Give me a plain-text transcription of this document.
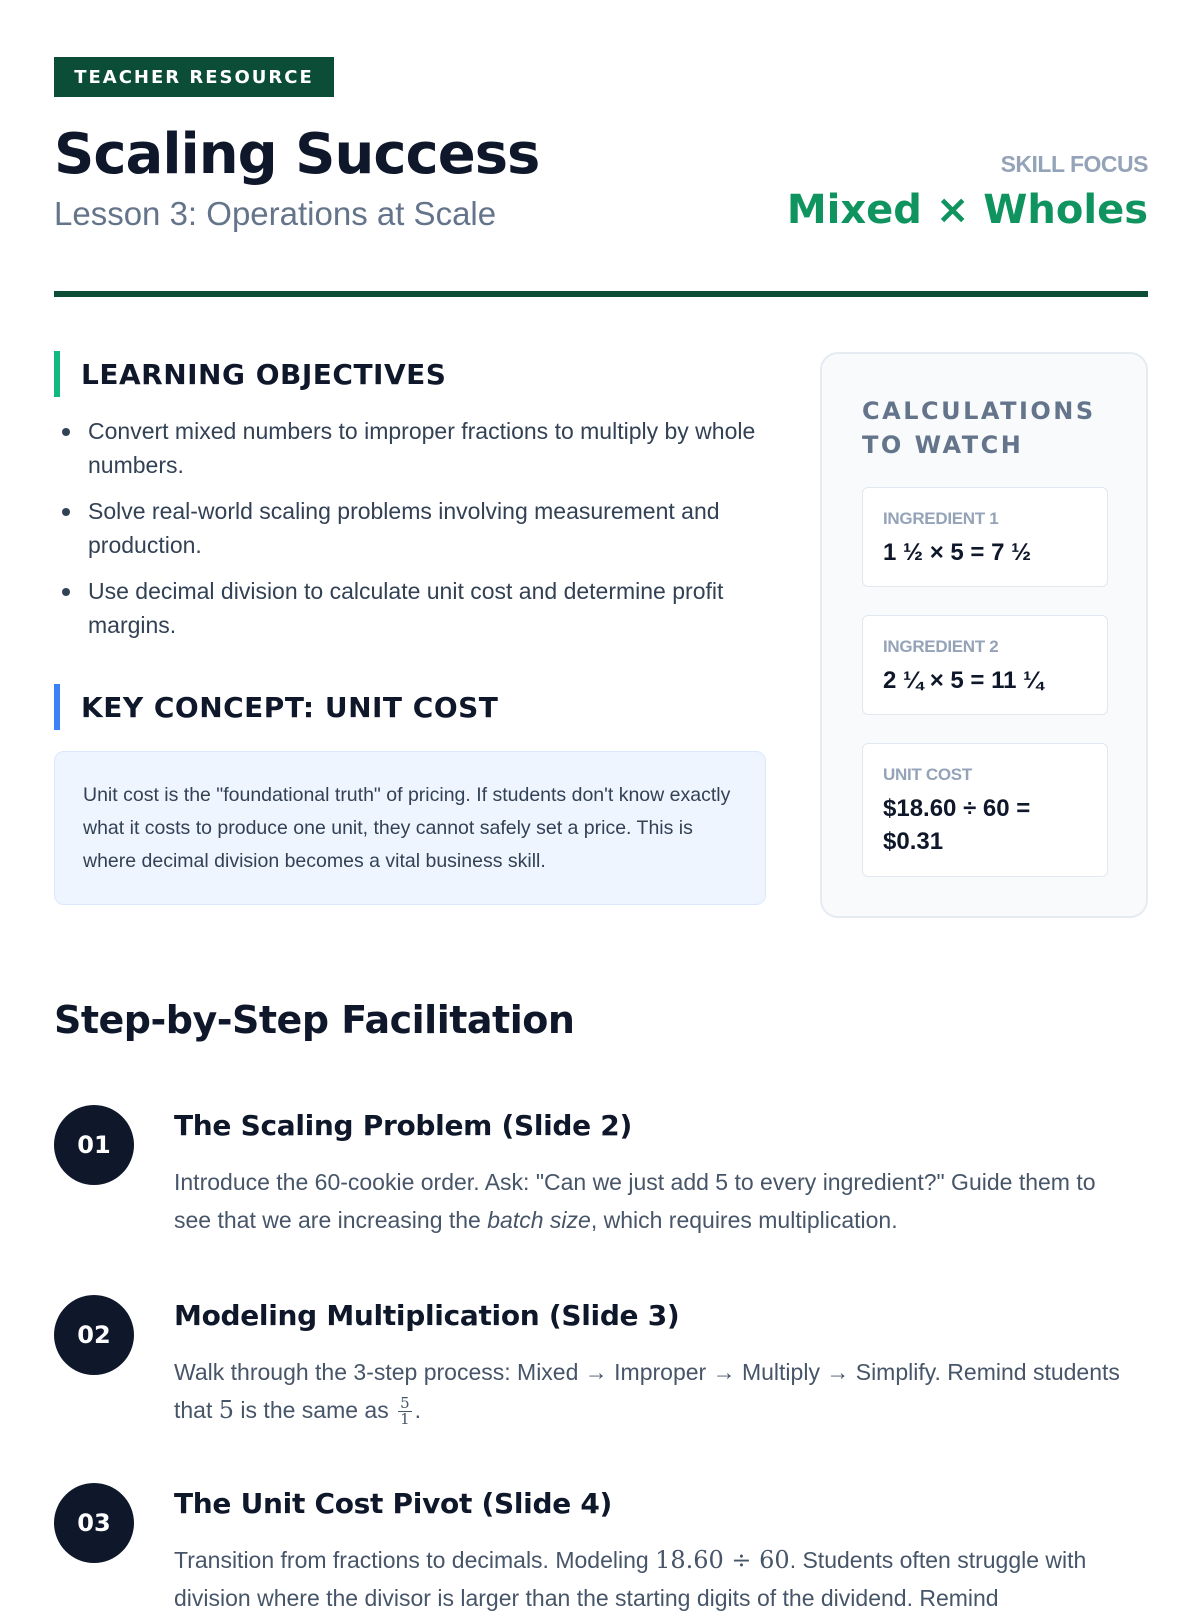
TEACHER RESOURCE
Scaling Success
Lesson 3: Operations at Scale
SKILL FOCUS
Mixed × Wholes
LEARNING OBJECTIVES
Convert mixed numbers to improper fractions to multiply by whole numbers.
Solve real-world scaling problems involving measurement and production.
Use decimal division to calculate unit cost and determine profit margins.
KEY CONCEPT: UNIT COST
Unit cost is the "foundational truth" of pricing. If students don't know exactly what it costs to produce one unit, they cannot safely set a price. This is where decimal division becomes a vital business skill.
CALCULATIONS TO WATCH
INGREDIENT 1
1 ½ × 5 = 7 ½
INGREDIENT 2
2 ¼ × 5 = 11 ¼
UNIT COST
$18.60 ÷ 60 = $0.31
Step-by-Step Facilitation
01
The Scaling Problem (Slide 2)
Introduce the 60-cookie order. Ask: "Can we just add 5 to every ingredient?" Guide them to see that we are increasing the batch size, which requires multiplication.
02
Modeling Multiplication (Slide 3)
Walk through the 3-step process: Mixed → Improper → Multiply → Simplify. Remind students that 5 is the same as $\frac{5}{1}$ .
03
The Unit Cost Pivot (Slide 4)
Transition from fractions to decimals. Modeling 18.60 ÷ 60. Students often struggle with division where the divisor is larger than the starting digits of the dividend. Remind
